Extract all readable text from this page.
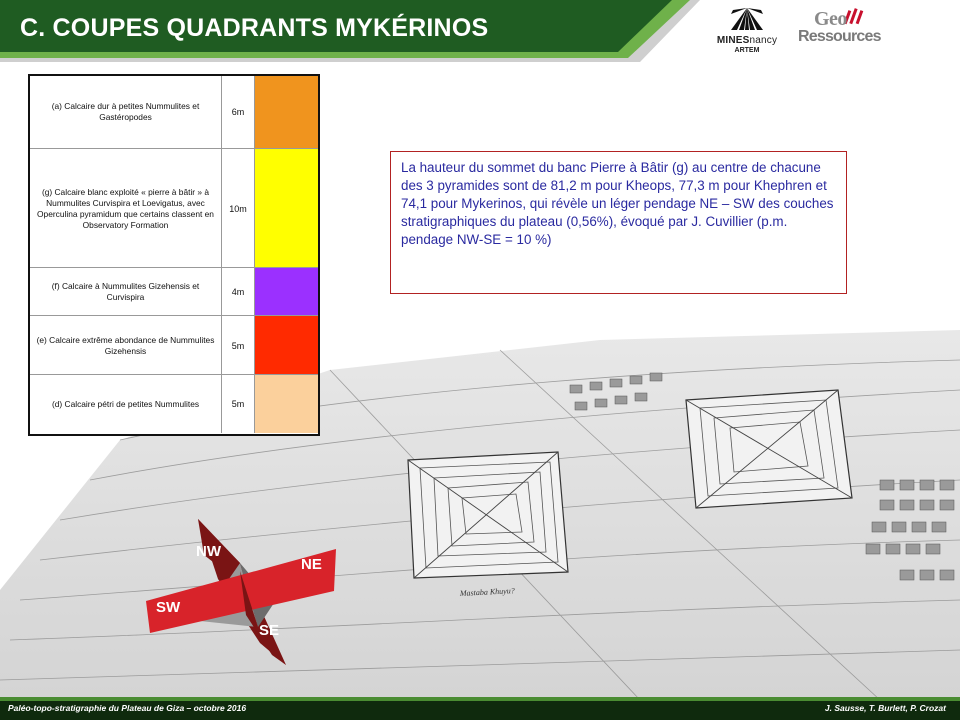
C. COUPES QUADRANTS MYKÉRINOS	MINESnancy
ARTEM
Geo
Ressources
Mastaba Khuyu?
(a) Calcaire dur à petites Nummulites et Gastéropodes	6m
(g) Calcaire blanc exploité « pierre à bâtir » à Nummulites Curvispira et Loevigatus, avec Operculina pyramidum que certains classent en Observatory Formation
10m
(f) Calcaire à Nummulites Gizehensis et Curvispira	4m
(e) Calcaire extrême abondance de Nummulites Gizehensis	5m
(d) Calcaire pétri de petites Nummulites	5m
La hauteur du sommet du banc Pierre à Bâtir (g) au centre de chacune des 3 pyramides sont de 81,2 m pour Kheops, 77,3 m pour Khephren et 74,1 pour Mykerinos, qui révèle un léger pendage NE – SW des couches stratigraphiques du plateau (0,56%), évoqué par J. Cuvillier (p.m. pendage NW-SE = 10 %)
NW
NE
SW
SE
Paléo-topo-stratigraphie du Plateau de Giza – octobre 2016	J. Sausse, T. Burlett, P. Crozat
